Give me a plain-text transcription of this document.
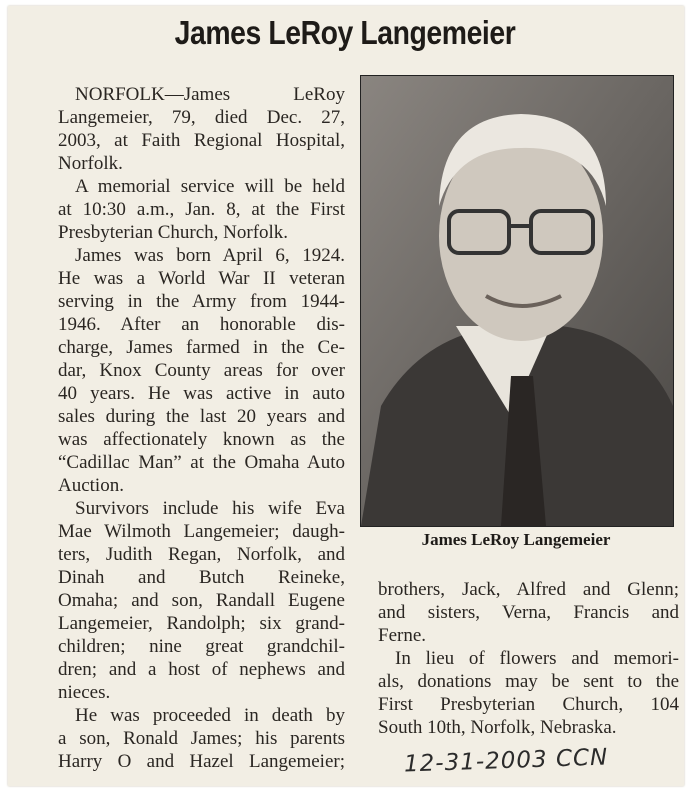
James LeRoy Langemeier
NORFOLK—James LeRoy
Langemeier, 79, died Dec. 27,
2003, at Faith Regional Hospital,
Norfolk.
A memorial service will be held
at 10:30 a.m., Jan. 8, at the First
Presbyterian Church, Norfolk.
James was born April 6, 1924.
He was a World War II veteran
serving in the Army from 1944-
1946. After an honorable dis-
charge, James farmed in the Ce-
dar, Knox County areas for over
40 years. He was active in auto
sales during the last 20 years and
was affectionately known as the
“Cadillac Man” at the Omaha Auto
Auction.
Survivors include his wife Eva
Mae Wilmoth Langemeier; daugh-
ters, Judith Regan, Norfolk, and
Dinah and Butch Reineke,
Omaha; and son, Randall Eugene
Langemeier, Randolph; six grand-
children; nine great grandchil-
dren; and a host of nephews and
nieces.
He was proceeded in death by
a son, Ronald James; his parents
Harry O and Hazel Langemeier;
James LeRoy Langemeier
brothers, Jack, Alfred and Glenn;
and sisters, Verna, Francis and
Ferne.
In lieu of flowers and memori-
als, donations may be sent to the
First Presbyterian Church, 104
South 10th, Norfolk, Nebraska.
12-31-2003 CCN
